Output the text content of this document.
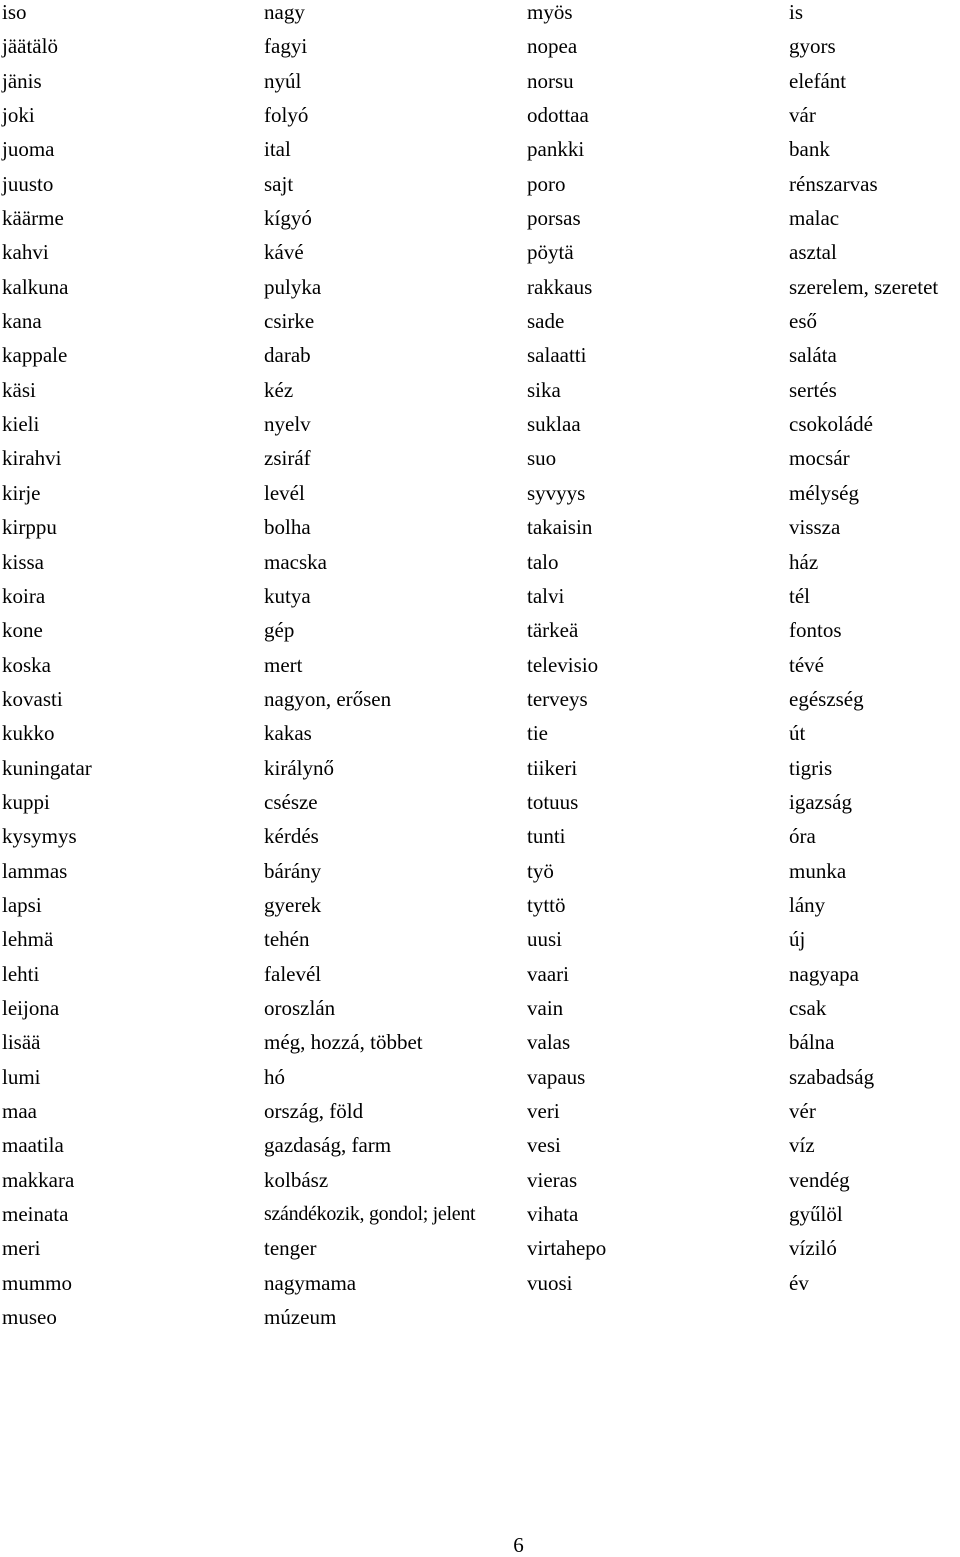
iso
jäätälö
jänis
joki
juoma
juusto
käärme
kahvi
kalkuna
kana
kappale
käsi
kieli
kirahvi
kirje
kirppu
kissa
koira
kone
koska
kovasti
kukko
kuningatar
kuppi
kysymys
lammas
lapsi
lehmä
lehti
leijona
lisää
lumi
maa
maatila
makkara
meinata
meri
mummo
museo
nagy
fagyi
nyúl
folyó
ital
sajt
kígyó
kávé
pulyka
csirke
darab
kéz
nyelv
zsiráf
levél
bolha
macska
kutya
gép
mert
nagyon, erősen
kakas
királynő
csésze
kérdés
bárány
gyerek
tehén
falevél
oroszlán
még, hozzá, többet
hó
ország, föld
gazdaság, farm
kolbász
szándékozik, gondol; jelent
tenger
nagymama
múzeum
myös
nopea
norsu
odottaa
pankki
poro
porsas
pöytä
rakkaus
sade
salaatti
sika
suklaa
suo
syvyys
takaisin
talo
talvi
tärkeä
televisio
terveys
tie
tiikeri
totuus
tunti
työ
tyttö
uusi
vaari
vain
valas
vapaus
veri
vesi
vieras
vihata
virtahepo
vuosi
is
gyors
elefánt
vár
bank
rénszarvas
malac
asztal
szerelem, szeretet
eső
saláta
sertés
csokoládé
mocsár
mélység
vissza
ház
tél
fontos
tévé
egészség
út
tigris
igazság
óra
munka
lány
új
nagyapa
csak
bálna
szabadság
vér
víz
vendég
gyűlöl
víziló
év
6
